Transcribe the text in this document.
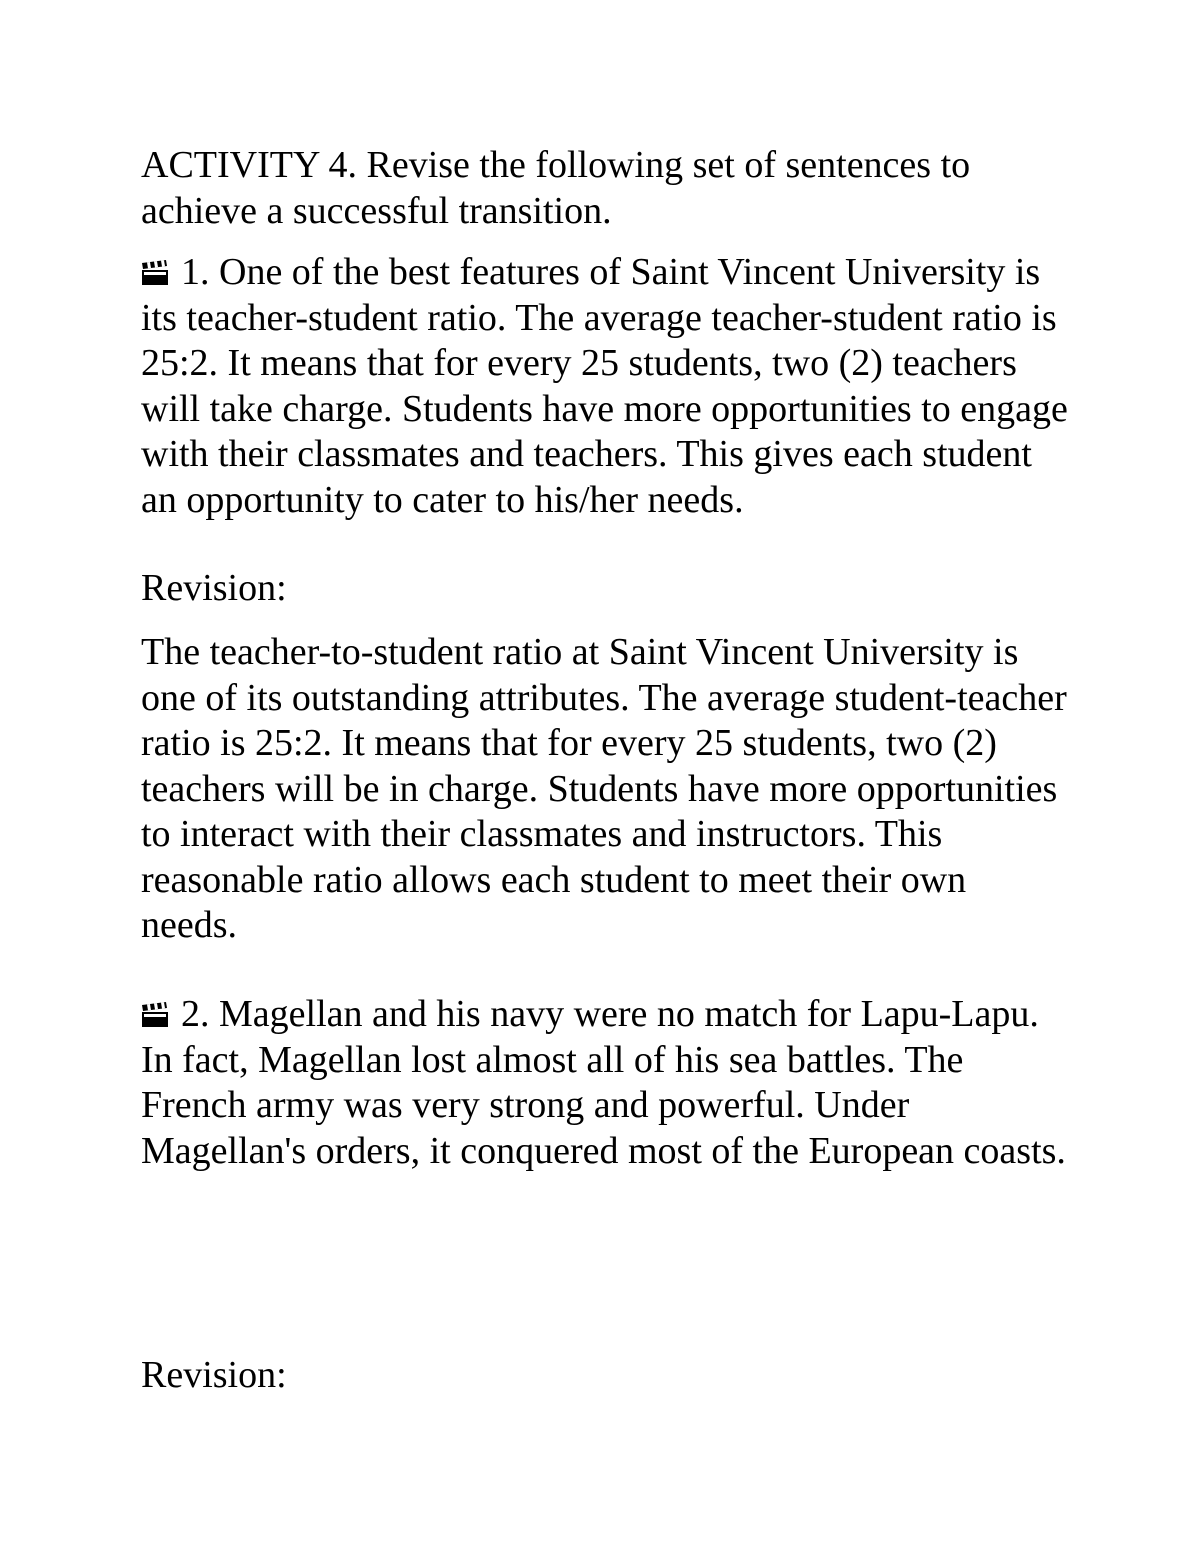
ACTIVITY 4. Revise the following set of sentences to achieve a successful transition.

1. One of the best features of Saint Vincent University is its teacher-student ratio. The average teacher-student ratio is 25:2. It means that for every 25 students, two (2) teachers will take charge. Students have more opportunities to engage with their classmates and teachers. This gives each student an opportunity to cater to his/her needs.

Revision:

The teacher-to-student ratio at Saint Vincent University is one of its outstanding attributes. The average student-teacher ratio is 25:2. It means that for every 25 students, two (2) teachers will be in charge. Students have more opportunities to interact with their classmates and instructors. This reasonable ratio allows each student to meet their own needs.

2. Magellan and his navy were no match for Lapu-Lapu. In fact, Magellan lost almost all of his sea battles. The French army was very strong and powerful. Under Magellan's orders, it conquered most of the European coasts.

Revision:
